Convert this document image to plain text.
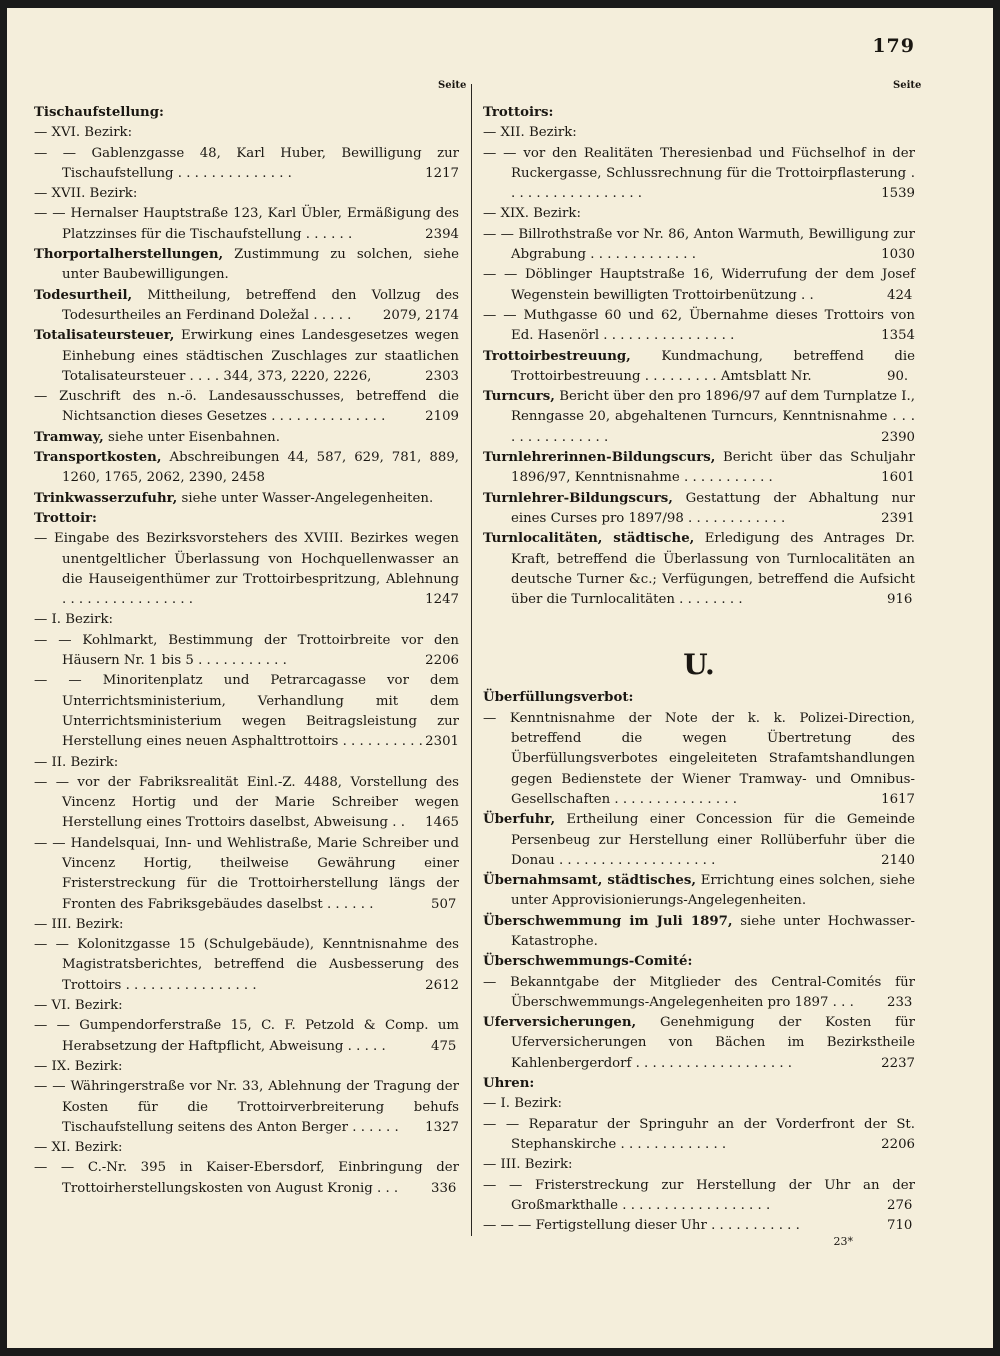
179
Seite	Seite
Tischaufstellung:
— XVI. Bezirk:
— — Gablenzgasse 48, Karl Huber, Bewilligung zur Tischaufstellung . . . . . . . . . . . . . .	1217
— XVII. Bezirk:
— — Hernalser Hauptstraße 123, Karl Übler, Ermäßigung des Platzzinses für die Tischaufstellung . . . . . .	2394
Thorportalherstellungen, Zustimmung zu solchen, siehe unter Baubewilligungen.
Todesurtheil, Mittheilung, betreffend den Vollzug des Todesurtheiles an Ferdinand Doležal . . . . . 2079, 2174
Totalisateursteuer, Erwirkung eines Landesgesetzes wegen Einhebung eines städtischen Zuschlages zur staatlichen Totalisateursteuer . . . . 344, 373, 2220, 2226,	2303
— Zuschrift des n.-ö. Landesausschusses, betreffend die Nichtsanction dieses Gesetzes . . . . . . . . . . . . . .	2109
Tramway, siehe unter Eisenbahnen.
Transportkosten, Abschreibungen 44, 587, 629, 781, 889, 1260, 1765, 2062, 2390, 2458
Trinkwasserzufuhr, siehe unter Wasser-Angelegenheiten.
Trottoir:
— Eingabe des Bezirksvorstehers des XVIII. Bezirkes wegen unentgeltlicher Überlassung von Hochquellenwasser an die Hauseigenthümer zur Trottoirbespritzung, Ablehnung . . . . . . . . . . . . . . . .	1247
— I. Bezirk:
— — Kohlmarkt, Bestimmung der Trottoirbreite vor den Häusern Nr. 1 bis 5 . . . . . . . . . . .	2206
— — Minoritenplatz und Petrarcagasse vor dem Unterrichtsministerium, Verhandlung mit dem Unterrichtsministerium wegen Beitragsleistung zur Herstellung eines neuen Asphalttrottoirs . . . . . . . . . . 2301
— II. Bezirk:
— — vor der Fabriksrealität Einl.-Z. 4488, Vorstellung des Vincenz Hortig und der Marie Schreiber wegen Herstellung eines Trottoirs daselbst, Abweisung . . 1465
— — Handelsquai, Inn- und Wehlistraße, Marie Schreiber und Vincenz Hortig, theilweise Gewährung einer Fristerstreckung für die Trottoirherstellung längs der Fronten des Fabriksgebäudes daselbst . . . . . .	507
— III. Bezirk:
— — Kolonitzgasse 15 (Schulgebäude), Kenntnisnahme des Magistratsberichtes, betreffend die Ausbesserung des Trottoirs . . . . . . . . . . . . . . . .	2612
— VI. Bezirk:
— — Gumpendorferstraße 15, C. F. Petzold & Comp. um Herabsetzung der Haftpflicht, Abweisung . . . . .	475
— IX. Bezirk:
— — Währingerstraße vor Nr. 33, Ablehnung der Tragung der Kosten für die Trottoirverbreiterung behufs Tischaufstellung seitens des Anton Berger . . . . . . 1327
— XI. Bezirk:
— — C.-Nr. 395 in Kaiser-Ebersdorf, Einbringung der Trottoirherstellungskosten von August Kronig . . . 336
Trottoirs:
— XII. Bezirk:
— — vor den Realitäten Theresienbad und Füchselhof in der Ruckergasse, Schlussrechnung für die Trottoirpflasterung . . . . . . . . . . . . . . . . .	1539
— XIX. Bezirk:
— — Billrothstraße vor Nr. 86, Anton Warmuth, Bewilligung zur Abgrabung . . . . . . . . . . . . .	1030
— — Döblinger Hauptstraße 16, Widerrufung der dem Josef Wegenstein bewilligten Trottoirbenützung . .	424
— — Muthgasse 60 und 62, Übernahme dieses Trottoirs von Ed. Hasenörl . . . . . . . . . . . . . . . .	1354
Trottoirbestreuung, Kundmachung, betreffend die Trottoirbestreuung . . . . . . . . . Amtsblatt Nr.	90.
Turncurs, Bericht über den pro 1896/97 auf dem Turnplatze I., Renngasse 20, abgehaltenen Turncurs, Kenntnisnahme . . . . . . . . . . . . . . .	2390
Turnlehrerinnen-Bildungscurs, Bericht über das Schuljahr 1896/97, Kenntnisnahme . . . . . . . . . . .	1601
Turnlehrer-Bildungscurs, Gestattung der Abhaltung nur eines Curses pro 1897/98 . . . . . . . . . . . .	2391
Turnlocalitäten, städtische, Erledigung des Antrages Dr. Kraft, betreffend die Überlassung von Turnlocalitäten an deutsche Turner &c.; Verfügungen, betreffend die Aufsicht über die Turnlocalitäten . . . . . . . .	916
U.
Überfüllungsverbot:
— Kenntnisnahme der Note der k. k. Polizei-Direction, betreffend die wegen Übertretung des Überfüllungsverbotes eingeleiteten Strafamtshandlungen gegen Bedienstete der Wiener Tramway- und Omnibus-Gesellschaften . . . . . . . . . . . . . . .	1617
Überfuhr, Ertheilung einer Concession für die Gemeinde Persenbeug zur Herstellung einer Rollüberfuhr über die Donau . . . . . . . . . . . . . . . . . . .	2140
Übernahmsamt, städtisches, Errichtung eines solchen, siehe unter Approvisionierungs-Angelegenheiten.
Überschwemmung im Juli 1897, siehe unter Hochwasser-Katastrophe.
Überschwemmungs-Comité:
— Bekanntgabe der Mitglieder des Central-Comités für Überschwemmungs-Angelegenheiten pro 1897 . . . 233
Uferversicherungen, Genehmigung der Kosten für Uferversicherungen von Bächen im Bezirkstheile Kahlenbergerdorf . . . . . . . . . . . . . . . . . . .	2237
Uhren:
— I. Bezirk:
— — Reparatur der Springuhr an der Vorderfront der St. Stephanskirche . . . . . . . . . . . . .	2206
— III. Bezirk:
— — Fristerstreckung zur Herstellung der Uhr an der Großmarkthalle . . . . . . . . . . . . . . . . . .	276
— — — Fertigstellung dieser Uhr . . . . . . . . . . .	710
23*
